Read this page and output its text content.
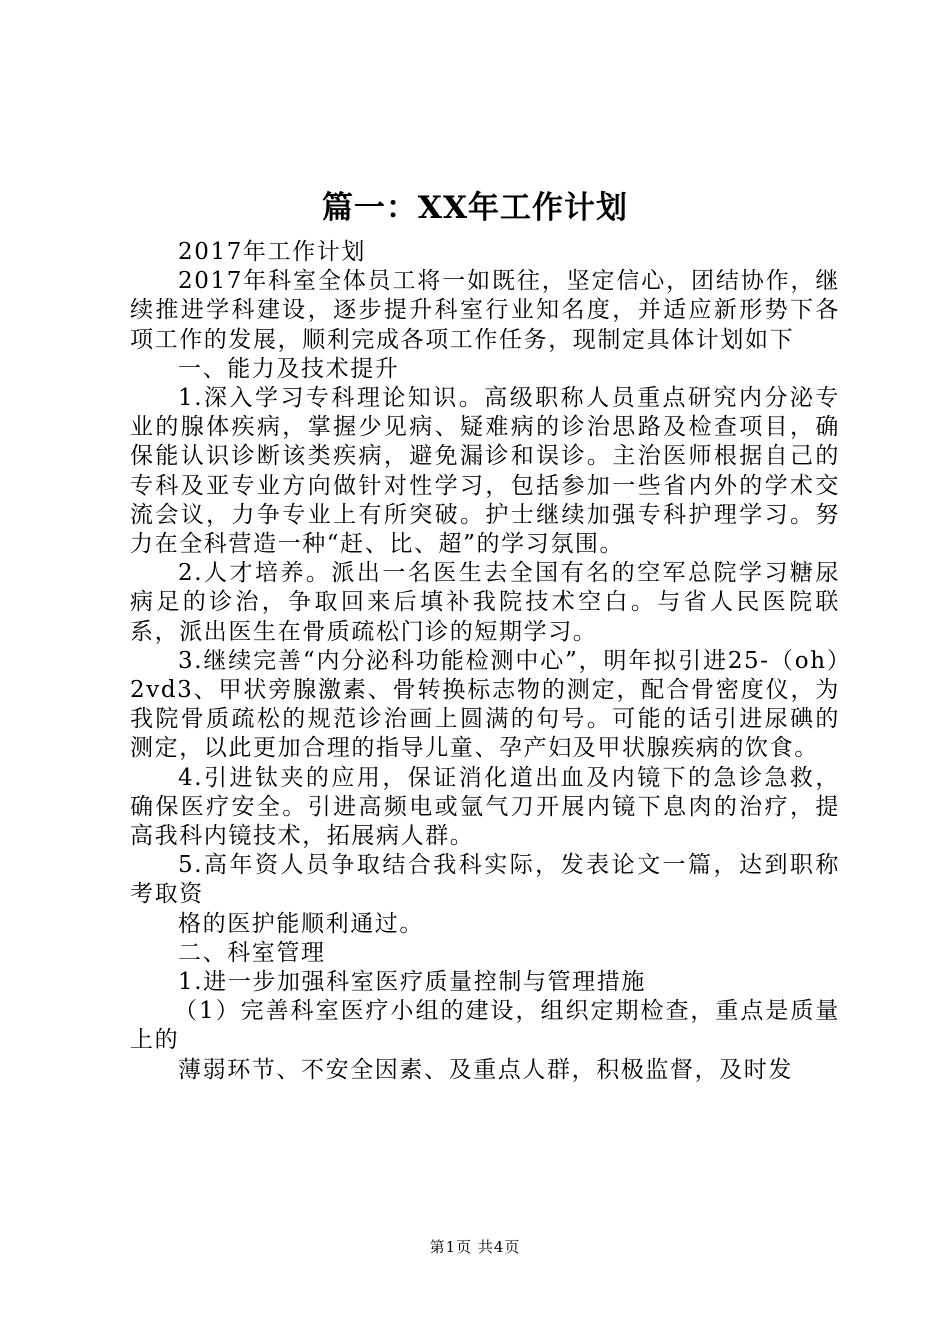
篇一：XX年工作计划

2017年工作计划

2017年科室全体员工将一如既往，坚定信心，团结协作，继续推进学科建设，逐步提升科室行业知名度，并适应新形势下各项工作的发展，顺利完成各项工作任务，现制定具体计划如下

一、能力及技术提升

1.深入学习专科理论知识。高级职称人员重点研究内分泌专业的腺体疾病，掌握少见病、疑难病的诊治思路及检查项目，确保能认识诊断该类疾病，避免漏诊和误诊。主治医师根据自己的专科及亚专业方向做针对性学习，包括参加一些省内外的学术交流会议，力争专业上有所突破。护士继续加强专科护理学习。努力在全科营造一种“赶、比、超”的学习氛围。

2.人才培养。派出一名医生去全国有名的空军总院学习糖尿病足的诊治，争取回来后填补我院技术空白。与省人民医院联系，派出医生在骨质疏松门诊的短期学习。

3.继续完善“内分泌科功能检测中心”，明年拟引进25-（oh）2vd3、甲状旁腺激素、骨转换标志物的测定，配合骨密度仪，为我院骨质疏松的规范诊治画上圆满的句号。可能的话引进尿碘的测定，以此更加合理的指导儿童、孕产妇及甲状腺疾病的饮食。

4.引进钛夹的应用，保证消化道出血及内镜下的急诊急救，确保医疗安全。引进高频电或氩气刀开展内镜下息肉的治疗，提高我科内镜技术，拓展病人群。

5.高年资人员争取结合我科实际，发表论文一篇，达到职称考取资

格的医护能顺利通过。

二、科室管理

1.进一步加强科室医疗质量控制与管理措施

（1）完善科室医疗小组的建设，组织定期检查，重点是质量上的

薄弱环节、不安全因素、及重点人群，积极监督，及时发

第1页 共4页
